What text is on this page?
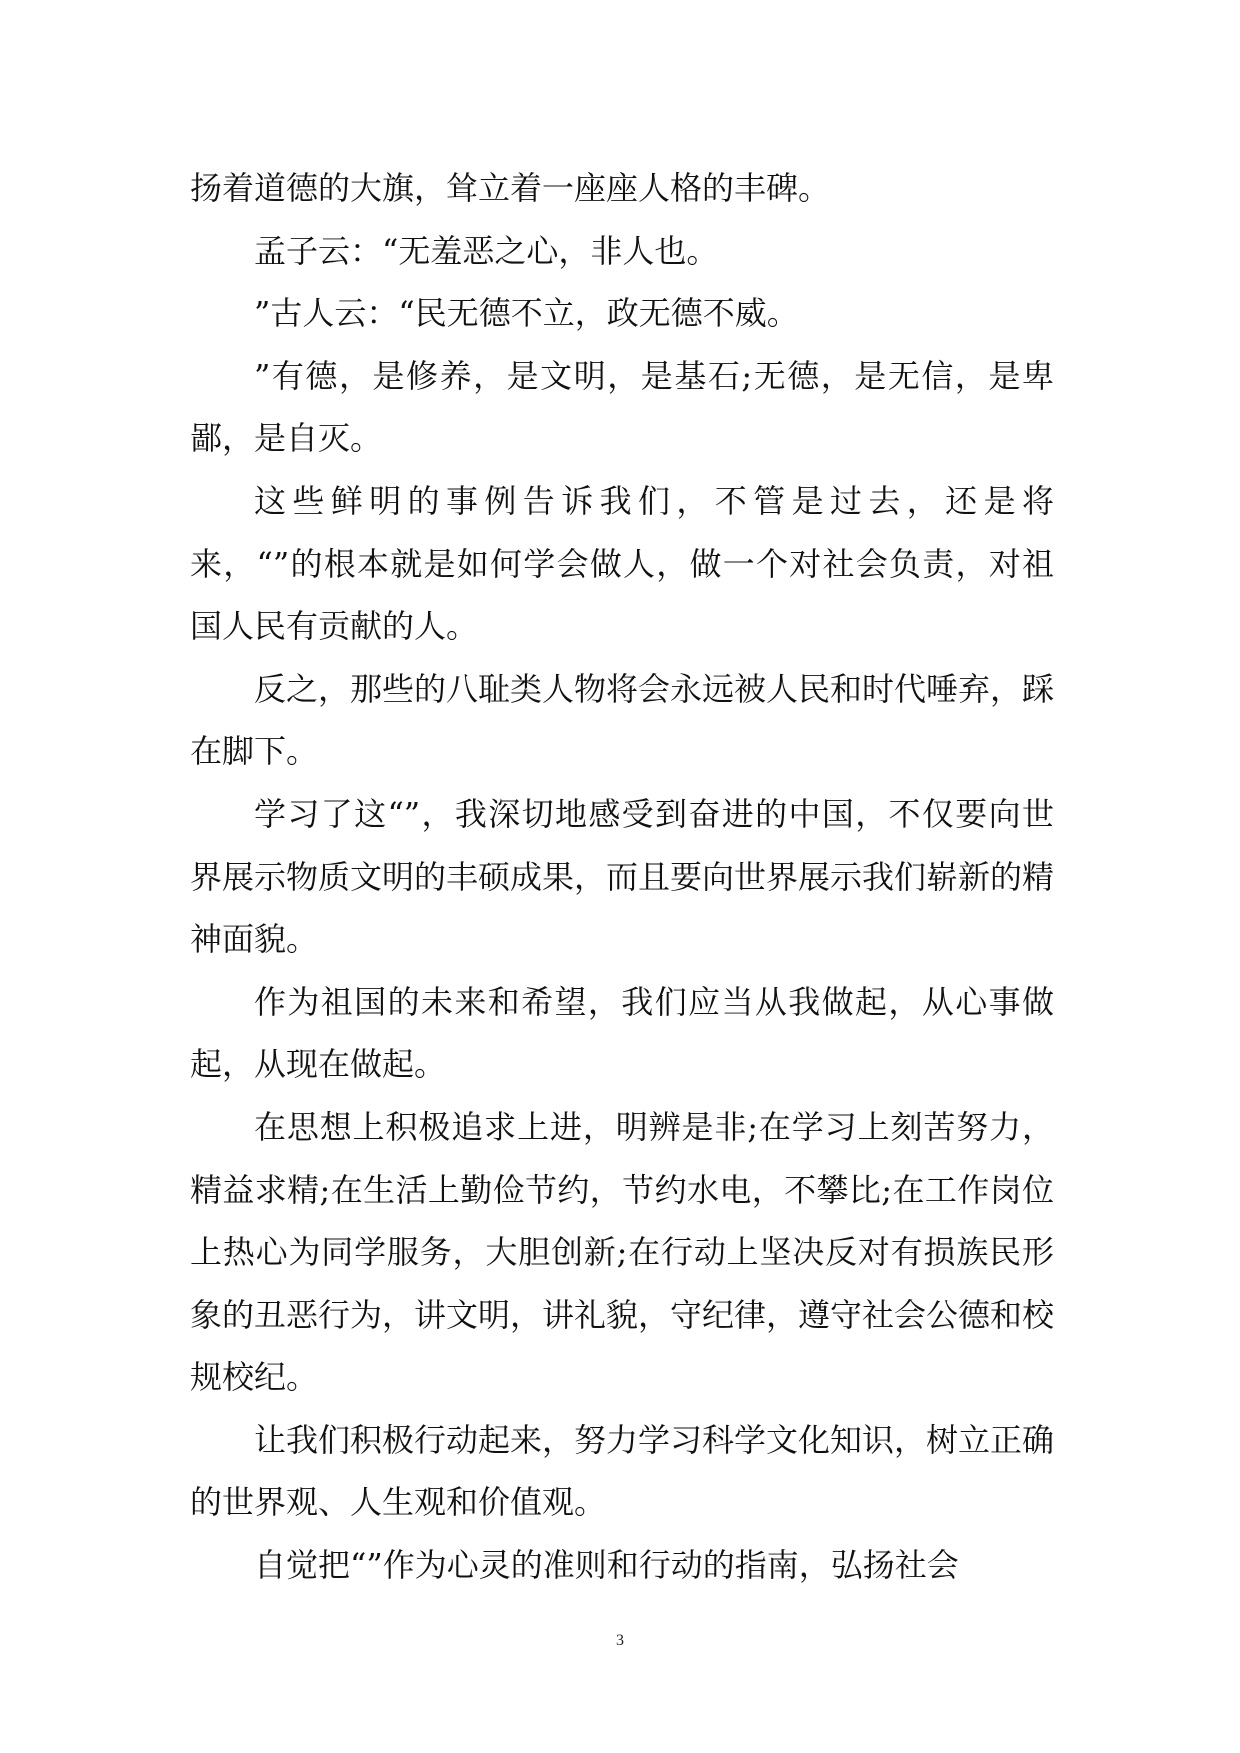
扬着道德的大旗，耸立着一座座人格的丰碑。

孟子云：“无羞恶之心，非人也。

”古人云：“民无德不立，政无德不威。

”有德，是修养，是文明，是基石;无德，是无信，是卑鄙，是自灭。

这些鲜明的事例告诉我们，不管是过去，还是将来，“”的根本就是如何学会做人，做一个对社会负责，对祖国人民有贡献的人。

反之，那些的八耻类人物将会永远被人民和时代唾弃，踩在脚下。

学习了这“”，我深切地感受到奋进的中国，不仅要向世界展示物质文明的丰硕成果，而且要向世界展示我们崭新的精神面貌。

作为祖国的未来和希望，我们应当从我做起，从心事做起，从现在做起。

在思想上积极追求上进，明辨是非;在学习上刻苦努力，精益求精;在生活上勤俭节约，节约水电，不攀比;在工作岗位上热心为同学服务，大胆创新;在行动上坚决反对有损族民形象的丑恶行为，讲文明，讲礼貌，守纪律，遵守社会公德和校规校纪。

让我们积极行动起来，努力学习科学文化知识，树立正确的世界观、人生观和价值观。

自觉把“”作为心灵的准则和行动的指南，弘扬社会

3
